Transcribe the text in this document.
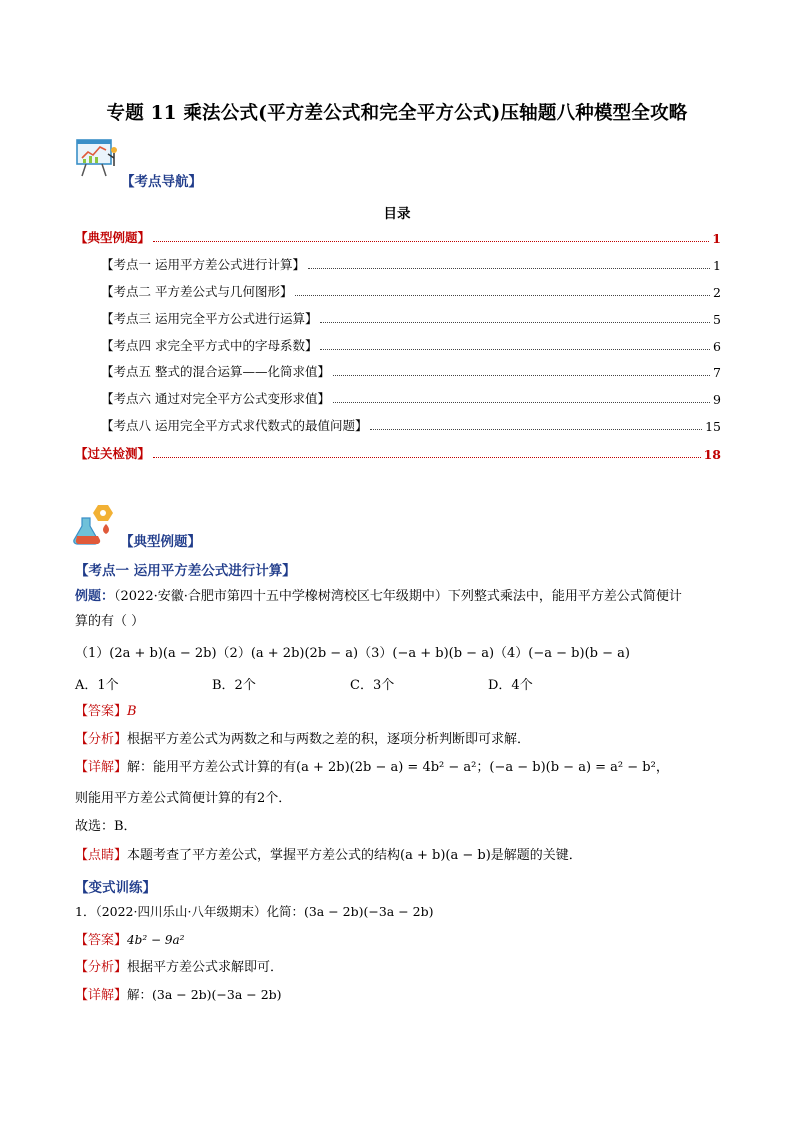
专题 11 乘法公式(平方差公式和完全平方公式)压轴题八种模型全攻略
【考点导航】
目录
【典型例题】	1
【考点一 运用平方差公式进行计算】	1
【考点二 平方差公式与几何图形】	2
【考点三 运用完全平方公式进行运算】	5
【考点四 求完全平方式中的字母系数】	6
【考点五 整式的混合运算——化简求值】	7
【考点六 通过对完全平方公式变形求值】	9
【考点八 运用完全平方式求代数式的最值问题】	15
【过关检测】	18
【典型例题】
【考点一 运用平方差公式进行计算】
例题：（2022·安徽·合肥市第四十五中学橡树湾校区七年级期中）下列整式乘法中，能用平方差公式简便计
算的有（ ）
（1）(2a + b)(a − 2b)（2）(a + 2b)(2b − a)（3）(−a + b)(b − a)（4）(−a − b)(b − a)
A．1个	B．2个	C．3个	D．4个
【答案】B
【分析】根据平方差公式为两数之和与两数之差的积，逐项分析判断即可求解．
【详解】解：能用平方差公式计算的有(a + 2b)(2b − a) = 4b² − a²；(−a − b)(b − a) = a² − b²，
则能用平方差公式简便计算的有2个．
故选：B．
【点睛】本题考查了平方差公式，掌握平方差公式的结构(a + b)(a − b)是解题的关键．
【变式训练】
1．（2022·四川乐山·八年级期末）化简：(3a − 2b)(−3a − 2b)
【答案】4b² − 9a²
【分析】根据平方差公式求解即可．
【详解】解：(3a − 2b)(−3a − 2b)
